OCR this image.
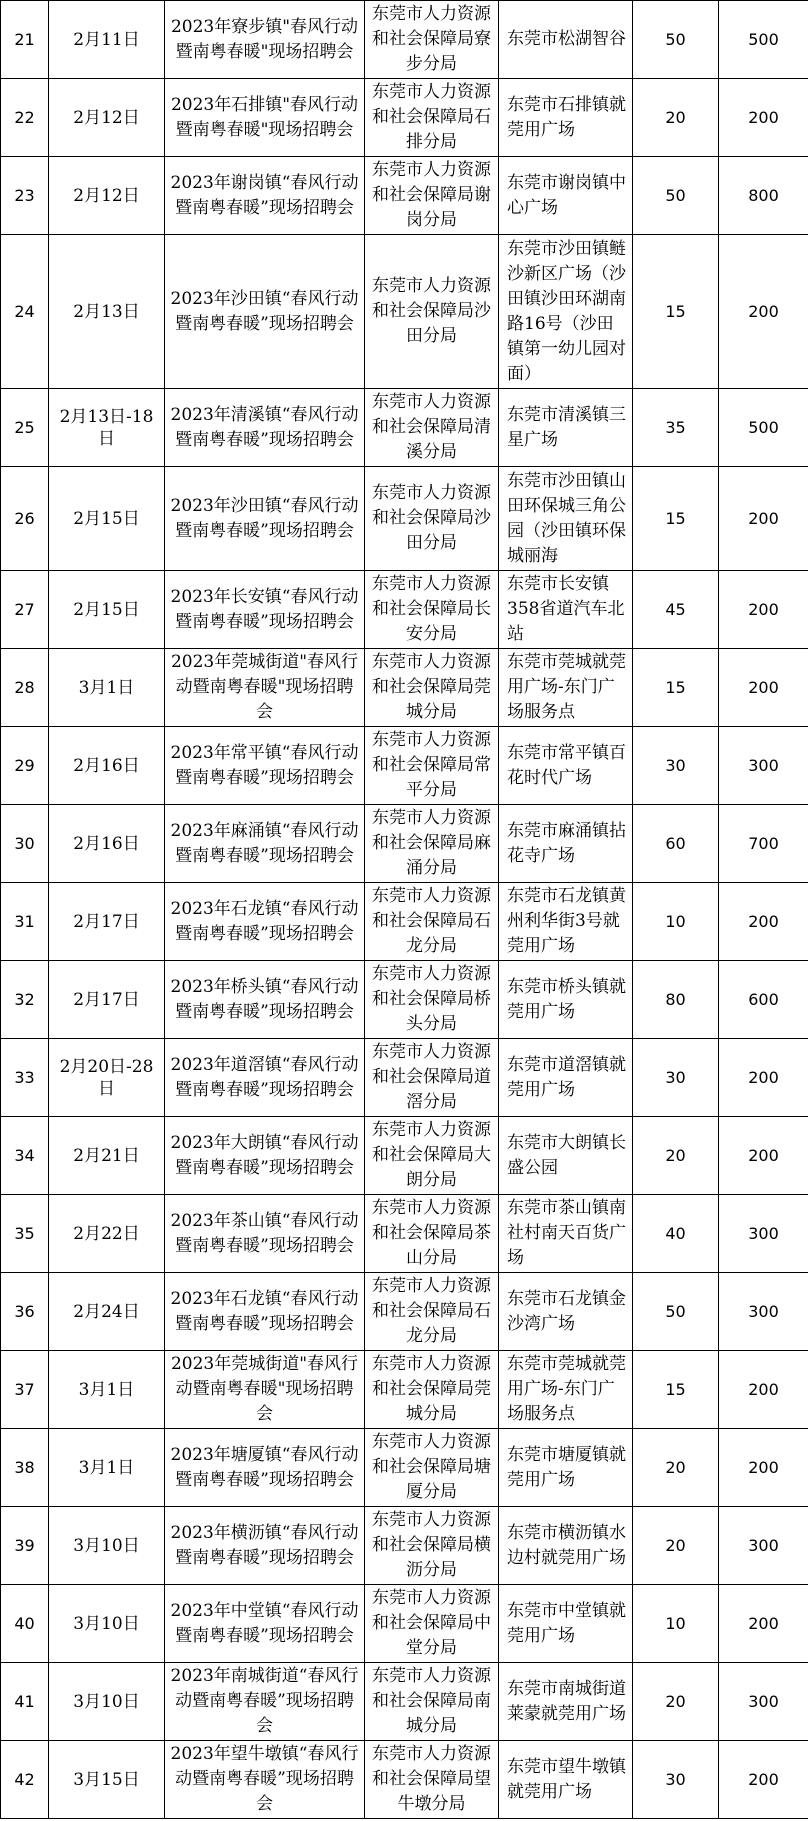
21	2月11日	2023年寮步镇"春风行动暨南粤春暖"现场招聘会	东莞市人力资源和社会保障局寮步分局	东莞市松湖智谷	50	500
22	2月12日	2023年石排镇"春风行动暨南粤春暖"现场招聘会	东莞市人力资源和社会保障局石排分局	东莞市石排镇就莞用广场	20	200
23	2月12日	2023年谢岗镇“春风行动暨南粤春暖”现场招聘会	东莞市人力资源和社会保障局谢岗分局	东莞市谢岗镇中心广场	50	800
24	2月13日	2023年沙田镇“春风行动暨南粤春暖”现场招聘会	东莞市人力资源和社会保障局沙田分局	东莞市沙田镇鲢沙新区广场（沙田镇沙田环湖南路16号（沙田镇第一幼儿园对面）	15	200
25	2月13日-18日	2023年清溪镇“春风行动暨南粤春暖”现场招聘会	东莞市人力资源和社会保障局清溪分局	东莞市清溪镇三星广场	35	500
26	2月15日	2023年沙田镇“春风行动暨南粤春暖”现场招聘会	东莞市人力资源和社会保障局沙田分局	东莞市沙田镇山田环保城三角公园（沙田镇环保城丽海	15	200
27	2月15日	2023年长安镇“春风行动暨南粤春暖”现场招聘会	东莞市人力资源和社会保障局长安分局	东莞市长安镇358省道汽车北站	45	200
28	3月1日	2023年莞城街道"春风行动暨南粤春暖"现场招聘会	东莞市人力资源和社会保障局莞城分局	东莞市莞城就莞用广场-东门广场服务点	15	200
29	2月16日	2023年常平镇“春风行动暨南粤春暖”现场招聘会	东莞市人力资源和社会保障局常平分局	东莞市常平镇百花时代广场	30	300
30	2月16日	2023年麻涌镇“春风行动暨南粤春暖”现场招聘会	东莞市人力资源和社会保障局麻涌分局	东莞市麻涌镇拈花寺广场	60	700
31	2月17日	2023年石龙镇“春风行动暨南粤春暖”现场招聘会	东莞市人力资源和社会保障局石龙分局	东莞市石龙镇黄州利华街3号就莞用广场	10	200
32	2月17日	2023年桥头镇“春风行动暨南粤春暖”现场招聘会	东莞市人力资源和社会保障局桥头分局	东莞市桥头镇就莞用广场	80	600
33	2月20日-28日	2023年道滘镇“春风行动暨南粤春暖”现场招聘会	东莞市人力资源和社会保障局道滘分局	东莞市道滘镇就莞用广场	30	200
34	2月21日	2023年大朗镇“春风行动暨南粤春暖”现场招聘会	东莞市人力资源和社会保障局大朗分局	东莞市大朗镇长盛公园	20	200
35	2月22日	2023年茶山镇“春风行动暨南粤春暖”现场招聘会	东莞市人力资源和社会保障局茶山分局	东莞市茶山镇南社村南天百货广场	40	300
36	2月24日	2023年石龙镇“春风行动暨南粤春暖”现场招聘会	东莞市人力资源和社会保障局石龙分局	东莞市石龙镇金沙湾广场	50	300
37	3月1日	2023年莞城街道"春风行动暨南粤春暖"现场招聘会	东莞市人力资源和社会保障局莞城分局	东莞市莞城就莞用广场-东门广场服务点	15	200
38	3月1日	2023年塘厦镇“春风行动暨南粤春暖”现场招聘会	东莞市人力资源和社会保障局塘厦分局	东莞市塘厦镇就莞用广场	20	200
39	3月10日	2023年横沥镇“春风行动暨南粤春暖”现场招聘会	东莞市人力资源和社会保障局横沥分局	东莞市横沥镇水边村就莞用广场	20	300
40	3月10日	2023年中堂镇“春风行动暨南粤春暖”现场招聘会	东莞市人力资源和社会保障局中堂分局	东莞市中堂镇就莞用广场	10	200
41	3月10日	2023年南城街道“春风行动暨南粤春暖”现场招聘会	东莞市人力资源和社会保障局南城分局	东莞市南城街道莱蒙就莞用广场	20	300
42	3月15日	2023年望牛墩镇“春风行动暨南粤春暖”现场招聘会	东莞市人力资源和社会保障局望牛墩分局	东莞市望牛墩镇就莞用广场	30	200
